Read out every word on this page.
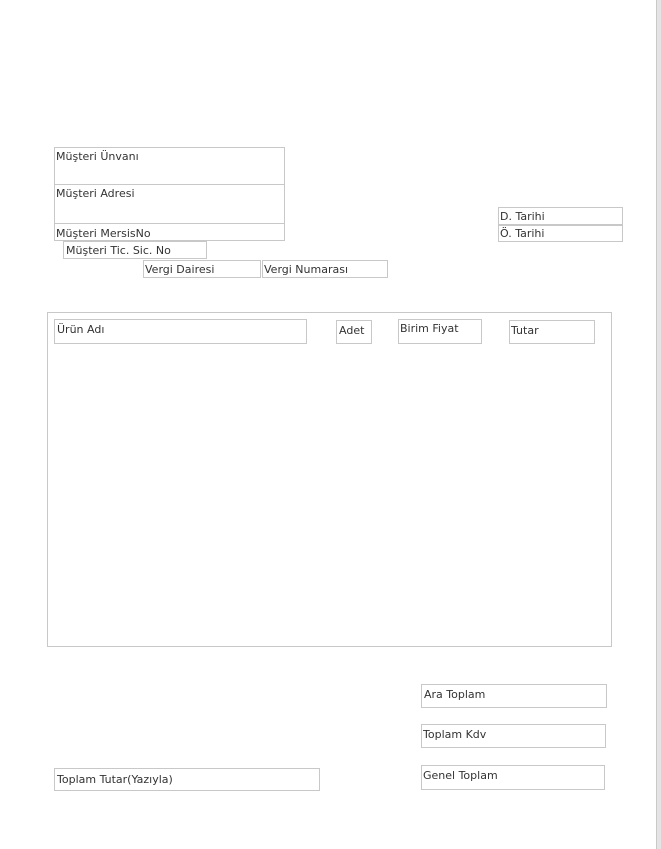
Müşteri Ünvanı
Müşteri Adresi
Müşteri MersisNo
Müşteri Tic. Sic. No
Vergi Dairesi	Vergi Numarası
D. Tarihi
Ö. Tarihi
Ürün Adı	Adet	Birim Fiyat	Tutar
Ara Toplam
Toplam Kdv
Genel Toplam
Toplam Tutar(Yazıyla)
